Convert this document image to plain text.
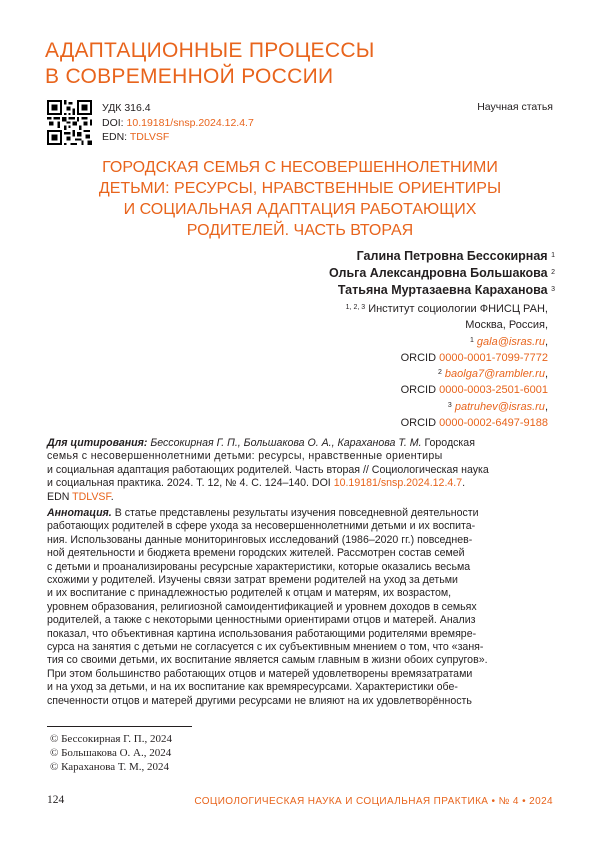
АДАПТАЦИОННЫЕ ПРОЦЕССЫ
В СОВРЕМЕННОЙ РОССИИ
УДК 316.4
DOI: 10.19181/snsp.2024.12.4.7
EDN: TDLVSF
Научная статья
ГОРОДСКАЯ СЕМЬЯ С НЕСОВЕРШЕННОЛЕТНИМИ
ДЕТЬМИ: РЕСУРСЫ, НРАВСТВЕННЫЕ ОРИЕНТИРЫ
И СОЦИАЛЬНАЯ АДАПТАЦИЯ РАБОТАЮЩИХ
РОДИТЕЛЕЙ. ЧАСТЬ ВТОРАЯ
Галина Петровна Бессокирная $^1$
Ольга Александровна Большакова $^2$
Татьяна Муртазаевна Караханова $^3$
$^{1, 2, 3}$ Институт социологии ФНИСЦ РАН,
Москва, Россия,
$^1$ gala@isras.ru,
ORCID 0000-0001-7099-7772
$^2$ baolga7@rambler.ru,
ORCID 0000-0003-2501-6001
$^3$ patruhev@isras.ru,
ORCID 0000-0002-6497-9188
Для цитирования: Бессокирная Г. П., Большакова О. А., Караханова Т. М. Городская
семья с несовершеннолетними детьми: ресурсы, нравственные ориентиры
и социальная адаптация работающих родителей. Часть вторая // Социологическая наука
и социальная практика. 2024. Т. 12, № 4. С. 124–140. DOI 10.19181/snsp.2024.12.4.7.
EDN TDLVSF.
Аннотация. В статье представлены результаты изучения повседневной деятельности
работающих родителей в сфере ухода за несовершеннолетними детьми и их воспита-
ния. Использованы данные мониторинговых исследований (1986–2020 гг.) повседнев-
ной деятельности и бюджета времени городских жителей. Рассмотрен состав семей
с детьми и проанализированы ресурсные характеристики, которые оказались весьма
схожими у родителей. Изучены связи затрат времени родителей на уход за детьми
и их воспитание с принадлежностью родителей к отцам и матерям, их возрастом,
уровнем образования, религиозной самоидентификацией и уровнем доходов в семьях
родителей, а также с некоторыми ценностными ориентирами отцов и матерей. Анализ
показал, что объективная картина использования работающими родителями времяре-
сурса на занятия с детьми не согласуется с их субъективным мнением о том, что «заня-
тия со своими детьми, их воспитание является самым главным в жизни обоих супругов».
При этом большинство работающих отцов и матерей удовлетворены времязатратами
и на уход за детьми, и на их воспитание как времяресурсами. Характеристики обе-
спеченности отцов и матерей другими ресурсами не влияют на их удовлетворённость
© Бессокирная Г. П., 2024
© Большакова О. А., 2024
© Караханова Т. М., 2024
124	СОЦИОЛОГИЧЕСКАЯ НАУКА И СОЦИАЛЬНАЯ ПРАКТИКА • № 4 • 2024
